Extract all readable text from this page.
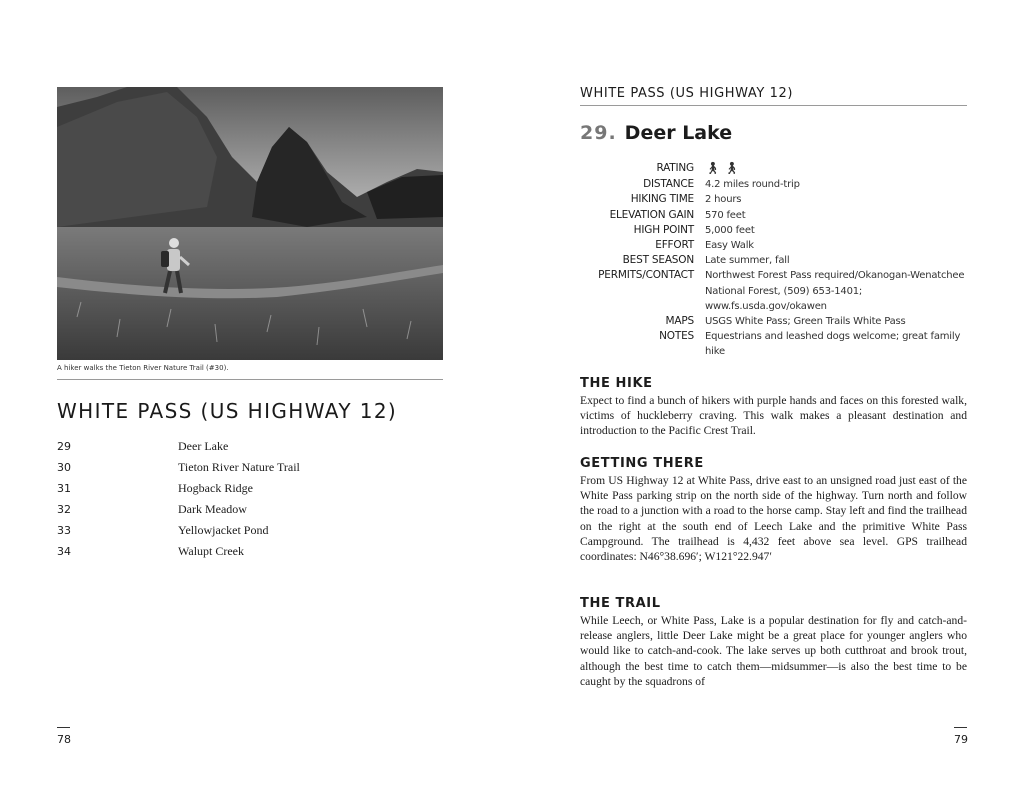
A hiker walks the Tieton River Nature Trail (#30).
WHITE PASS (US HIGHWAY 12)
29	Deer Lake
30	Tieton River Nature Trail
31	Hogback Ridge
32	Dark Meadow
33	Yellowjacket Pond
34	Walupt Creek
78
WHITE PASS (US HIGHWAY 12)
29. Deer Lake
RATING 🚶︎ 🚶︎
DISTANCE	4.2 miles round-trip
HIKING TIME	2 hours
ELEVATION GAIN	570 feet
HIGH POINT	5,000 feet
EFFORT	Easy Walk
BEST SEASON	Late summer, fall
PERMITS/CONTACT	Northwest Forest Pass required/Okanogan-Wenatchee National Forest, (509) 653-1401; www.fs.usda.gov/okawen
MAPS	USGS White Pass; Green Trails White Pass
NOTES	Equestrians and leashed dogs welcome; great family hike
THE HIKE
Expect to find a bunch of hikers with purple hands and faces on this forested walk, victims of huckleberry craving. This walk makes a pleasant destination and introduction to the Pacific Crest Trail.
GETTING THERE
From US Highway 12 at White Pass, drive east to an unsigned road just east of the White Pass parking strip on the north side of the highway. Turn north and follow the road to a junction with a road to the horse camp. Stay left and find the trailhead on the right at the south end of Leech Lake and the primitive White Pass Campground. The trailhead is 4,432 feet above sea level. GPS trailhead coordinates: N46°38.696′; W121°22.947′
THE TRAIL
While Leech, or White Pass, Lake is a popular destination for fly and catch-and-release anglers, little Deer Lake might be a great place for younger anglers who would like to catch-and-cook. The lake serves up both cutthroat and brook trout, although the best time to catch them—midsummer—is also the best time to be caught by the squadrons of
79
